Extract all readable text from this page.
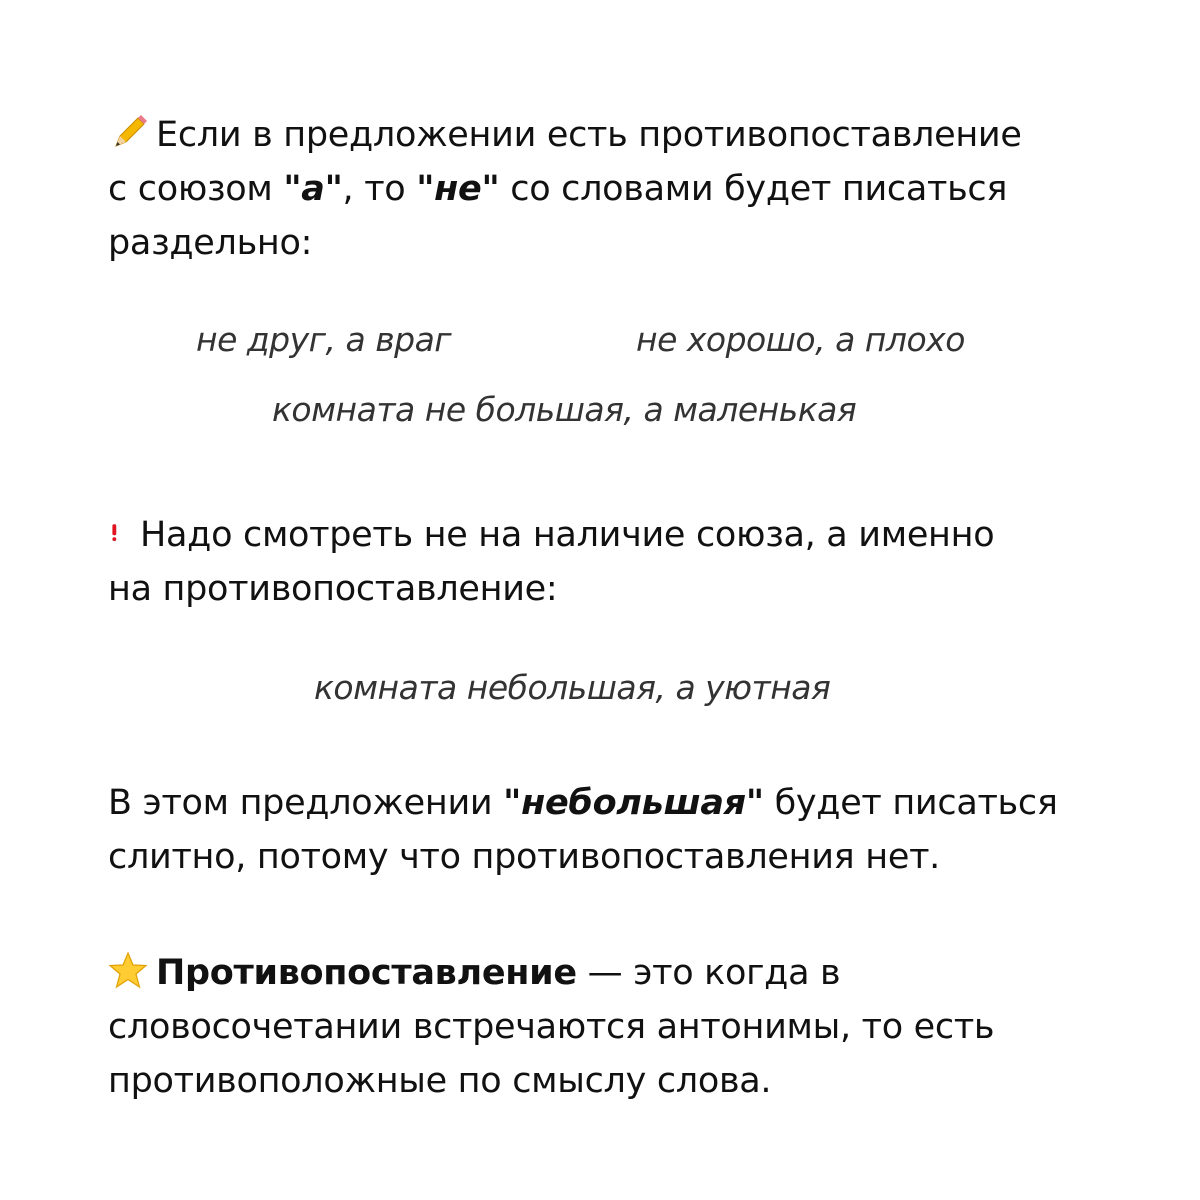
Если в предложении есть противопоставление
с союзом "а", то "не" со словами будет писаться
раздельно:
не друг, а враг	не хорошо, а плохо
комната не большая, а маленькая
Надо смотреть не на наличие союза, а именно
на противопоставление:
комната небольшая, а уютная
В этом предложении "небольшая" будет писаться
слитно, потому что противопоставления нет.
Противопоставление — это когда в
словосочетании встречаются антонимы, то есть
противоположные по смыслу слова.
